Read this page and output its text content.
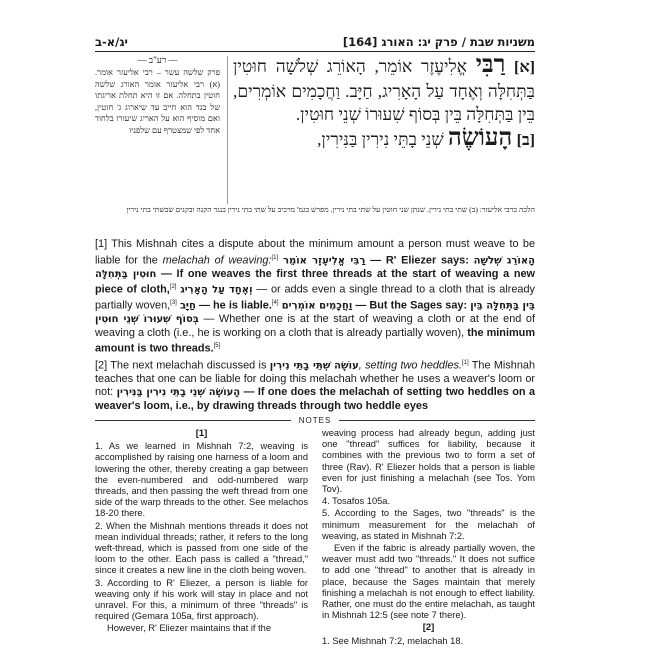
יג/א-ב	משניות שבת / פרק יג: האורג [164]
— רע"ב —
פרק שלשה עשר – רבי אליעזר אומר. (א) רבי אליעזר אומר האורג שלשה חוטין בתחלה. אם זו היא תחלת אריגתו של בגד הוא חייב עד שיארוג ג' חוטין, ואם מוסיף הוא על האריג שיעורו בלחוד אחד לפי שמצטרף עם שלפניו

[א] רַבִּי אֱלִיעֶזֶר אוֹמֵר, הָאוֹרֵג שְׁלֹשָׁה חוּטִין בַּתְּחִלָּה וְאֶחָד עַל הָאָרִיג, חַיָּב. וַחֲכָמִים אוֹמְרִים, בֵּין בַּתְּחִלָּה בֵּין בְּסוֹף שִׁעוּרוֹ שְׁנֵי חוּטִין.

[ב] הָעוֹשֶׂה שְׁנֵי בָתֵּי נִירִין בַּנִּירִין,

הלכה כרבי אליעזר: (ב) שתי בתי נירין. שנתן שני חוטין על שתי בתי נירין. מפרש בגמ' מרכיב על שתי בתי נירין בנגד הקנה ובקנים שבשתי בתי נירין

[1] This Mishnah cites a dispute about the minimum amount a person must weave to be liable for the melachah of weaving:[1] רַבִּי אֱלִיעֶזֶר אוֹמֵר — R' Eliezer says: הָאוֹרֵג שְׁלֹשָׁה חוּטִין בַּתְּחִלָּה — If one weaves the first three threads at the start of weaving a new piece of cloth,[2] וְאֶחָד עַל הָאָרִיג — or adds even a single thread to a cloth that is already partially woven,[3] חַיָּב — he is liable.[4] וַחֲכָמִים אוֹמְרִים — But the Sages say: בֵּין בַּתְּחִלָּה בֵּין בְּסוֹף שִׁעוּרוֹ שְׁנֵי חוּטִין — Whether one is at the start of weaving a cloth or at the end of weaving a cloth (i.e., he is working on a cloth that is already partially woven), the minimum amount is two threads.[5]

[2] The next melachah discussed is עוֹשֶׂה שְׁתֵּי בָתֵּי נִירִין, setting two heddles.[1] The Mishnah teaches that one can be liable for doing this melachah whether he uses a weaver's loom or not: הָעוֹשֶׂה שְׁנֵי בָתֵּי נִירִין בַּנִּירִין — If one does the melachah of setting two heddles on a weaver's loom, i.e., by drawing threads through two heddle eyes

NOTES

[1]

1. As we learned in Mishnah 7:2, weaving is accomplished by raising one harness of a loom and lowering the other, thereby creating a gap between the even-numbered and odd-numbered warp threads, and then passing the weft thread from one side of the warp threads to the other. See melachos 18-20 there.

2. When the Mishnah mentions threads it does not mean individual threads; rather, it refers to the long weft-thread, which is passed from one side of the loom to the other. Each pass is called a "thread," since it creates a new line in the cloth being woven.

3. According to R' Eliezer, a person is liable for weaving only if his work will stay in place and not unravel. For this, a minimum of three "threads" is required (Gemara 105a, first approach).

However, R' Eliezer maintains that if the

weaving process had already begun, adding just one "thread" suffices for liability, because it combines with the previous two to form a set of three (Rav). R' Eliezer holds that a person is liable even for just finishing a melachah (see Tos. Yom Tov).

4. Tosafos 105a.

5. According to the Sages, two "threads" is the minimum measurement for the melachah of weaving, as stated in Mishnah 7:2.

Even if the fabric is already partially woven, the weaver must add two "threads." It does not suffice to add one "thread" to another that is already in place, because the Sages maintain that merely finishing a melachah is not enough to effect liability. Rather, one must do the entire melachah, as taught in Mishnah 12:5 (see note 7 there).

[2]

1. See Mishnah 7:2, melachah 18.
